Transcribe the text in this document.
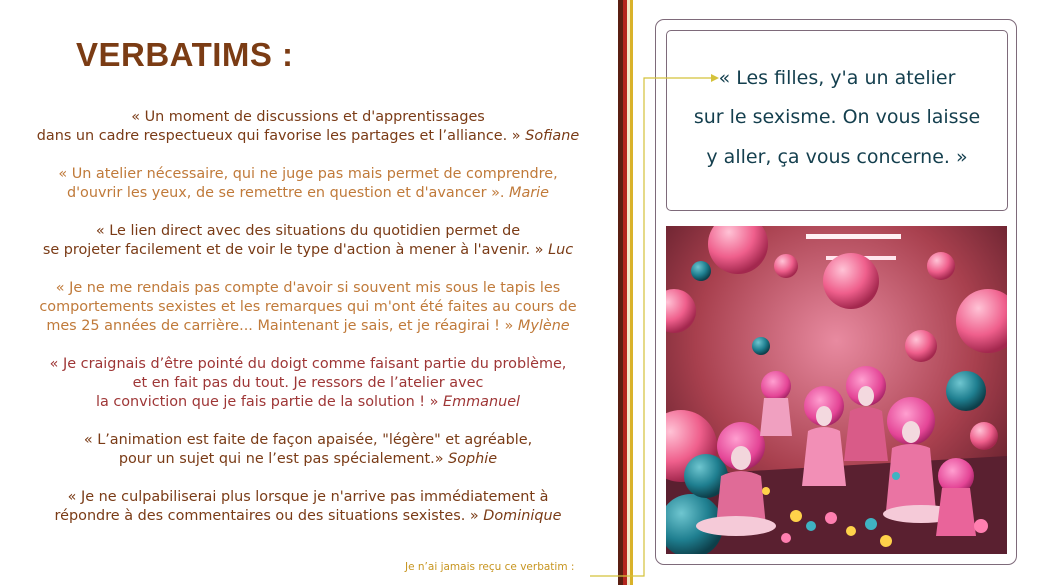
VERBATIMS :

« Un moment de discussions et d'apprentissages
dans un cadre respectueux qui favorise les partages et l’alliance. » Sofiane

« Un atelier nécessaire, qui ne juge pas mais permet de comprendre,
d'ouvrir les yeux, de se remettre en question et d'avancer ». Marie

« Le lien direct avec des situations du quotidien permet de
se projeter facilement et de voir le type d'action à mener à l'avenir. » Luc

« Je ne me rendais pas compte d'avoir si souvent mis sous le tapis les
comportements sexistes et les remarques qui m'ont été faites au cours de
mes 25 années de carrière... Maintenant je sais, et je réagirai ! » Mylène

« Je craignais d’être pointé du doigt comme faisant partie du problème,
et en fait pas du tout. Je ressors de l’atelier avec
la conviction que je fais partie de la solution ! » Emmanuel

« L’animation est faite de façon apaisée, "légère" et agréable,
pour un sujet qui ne l’est pas spécialement.» Sophie

« Je ne culpabiliserai plus lorsque je n'arrive pas immédiatement à
répondre à des commentaires ou des situations sexistes. » Dominique

Je n’ai jamais reçu ce verbatim :
« Les filles, y'a un atelier
sur le sexisme. On vous laisse
y aller, ça vous concerne. »
